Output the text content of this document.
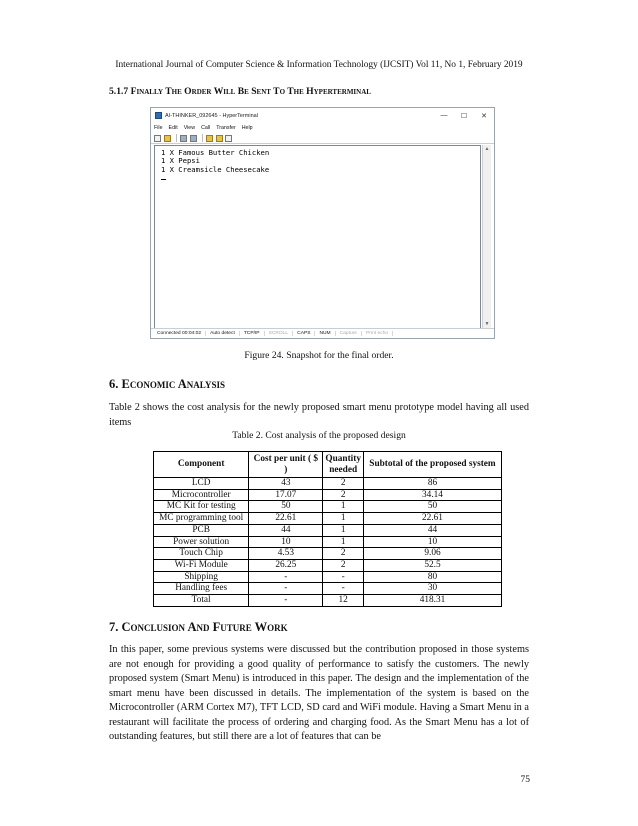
International Journal of Computer Science & Information Technology (IJCSIT) Vol 11, No 1, February 2019
5.1.7 Finally The Order Will Be Sent To The Hyperterminal
AI-THINKER_092645 - HyperTerminal	—	☐	✕
File Edit View Call Transfer Help
1 X Famous Butter Chicken
1 X Pepsi
1 X Creamsicle Cheesecake
▲
▼
Connected 00:04:02	Auto detect	TCP/IP	SCROLL	CAPS	NUM	Capture	Print echo
Figure 24. Snapshot for the final order.
6. Economic Analysis
Table 2 shows the cost analysis for the newly proposed smart menu prototype model having all used items
Table 2. Cost analysis of the proposed design
Component	Cost per unit ( $ )	Quantity needed	Subtotal of the proposed system
LCD	43	2	86
Microcontroller	17.07	2	34.14
MC Kit for testing	50	1	50
MC programming tool	22.61	1	22.61
PCB	44	1	44
Power solution	10	1	10
Touch Chip	4.53	2	9.06
Wi-Fi Module	26.25	2	52.5
Shipping	-	-	80
Handling fees	-	-	30
Total	-	12	418.31
7. Conclusion And Future Work
In this paper, some previous systems were discussed but the contribution proposed in those systems are not enough for providing a good quality of performance to satisfy the customers. The newly proposed system (Smart Menu) is introduced in this paper. The design and the implementation of the smart menu have been discussed in details. The implementation of the system is based on the Microcontroller (ARM Cortex M7), TFT LCD, SD card and WiFi module. Having a Smart Menu in a restaurant will facilitate the process of ordering and charging food. As the Smart Menu has a lot of outstanding features, but still there are a lot of features that can be
75
